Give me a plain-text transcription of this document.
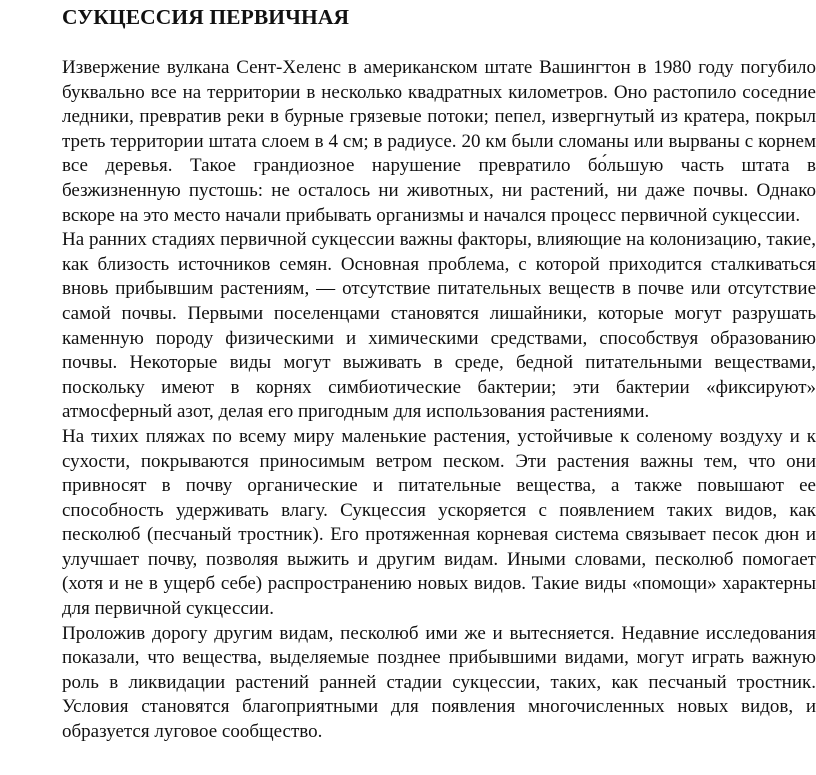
СУКЦЕССИЯ ПЕРВИЧНАЯ

Извержение вулкана Сент-Хеленс в американском штате Вашингтон в 1980 году погубило буквально все на территории в несколько квадратных километров. Оно растопило соседние ледники, превратив реки в бурные грязевые потоки; пепел, извергнутый из кратера, покрыл треть территории штата слоем в 4 см; в радиусе. 20 км были сломаны или вырваны с корнем все деревья. Такое грандиозное нарушение превратило бо́льшую часть штата в безжизненную пустошь: не осталось ни животных, ни растений, ни даже почвы. Однако вскоре на это место начали прибывать организмы и начался процесс первичной сукцессии.

На ранних стадиях первичной сукцессии важны факторы, влияющие на колонизацию, такие, как близость источников семян. Основная проблема, с которой приходится сталкиваться вновь прибывшим растениям, — отсутствие питательных веществ в почве или отсутствие самой почвы. Первыми поселенцами становятся лишайники, которые могут разрушать каменную породу физическими и химическими средствами, способствуя образованию почвы. Некоторые виды могут выживать в среде, бедной питательными веществами, поскольку имеют в корнях симбиотические бактерии; эти бактерии «фиксируют» атмосферный азот, делая его пригодным для использования растениями.

На тихих пляжах по всему миру маленькие растения, устойчивые к соленому воздуху и к сухости, покрываются приносимым ветром песком. Эти растения важны тем, что они привносят в почву органические и питательные вещества, а также повышают ее способность удерживать влагу. Сукцессия ускоряется с появлением таких видов, как песколюб (песчаный тростник). Его протяженная корневая система связывает песок дюн и улучшает почву, позволяя выжить и другим видам. Иными словами, песколюб помогает (хотя и не в ущерб себе) распространению новых видов. Такие виды «помощи» характерны для первичной сукцессии.

Проложив дорогу другим видам, песколюб ими же и вытесняется. Недавние исследования показали, что вещества, выделяемые позднее прибывшими видами, могут играть важную роль в ликвидации растений ранней стадии сукцессии, таких, как песчаный тростник. Условия становятся благоприятными для появления многочисленных новых видов, и образуется луговое сообщество.
